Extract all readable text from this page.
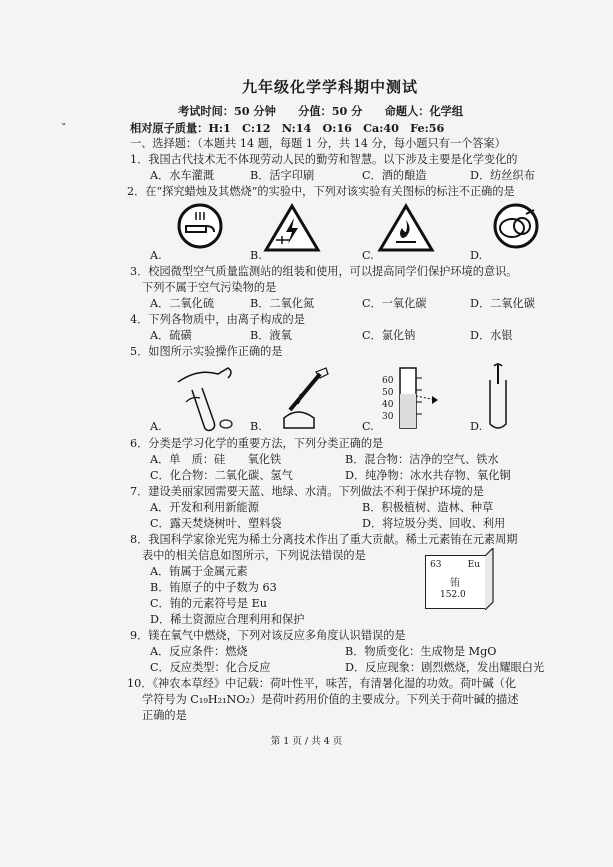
九年级化学学科期中测试
考试时间：50 分钟　　分值：50 分　　命题人：化学组
ˇ	相对原子质量：H:1　C:12　N:14　O:16　Ca:40　Fe:56
一、选择题：（本题共 14 题，每题 1 分，共 14 分，每小题只有一个答案）
1．我国古代技术无不体现劳动人民的勤劳和智慧。以下涉及主要是化学变化的
A．水车灌溉	B．活字印刷	C．酒的酿造	D．纺丝织布
2．在“探究蜡烛及其燃烧”的实验中，下列对该实验有关图标的标注不正确的是
A.	B.	C.	D.
3．校园微型空气质量监测站的组装和使用，可以提高同学们保护环境的意识。
下列不属于空气污染物的是
A．二氧化硫	B．二氧化氮	C．一氧化碳	D．二氧化碳
4．下列各物质中，由离子构成的是
A．硫磺	B．液氧	C．氯化钠	D．水银
5．如图所示实验操作正确的是
A.	B.
60
50
40
30
C.	D.
6．分类是学习化学的重要方法，下列分类正确的是
A．单　质：硅　　氧化铁	B．混合物：洁净的空气、铁水
C．化合物：二氧化碳、氢气	D．纯净物：冰水共存物、氧化铜
7．建设美丽家园需要天蓝、地绿、水清。下列做法不利于保护环境的是
A．开发和利用新能源	B．积极植树、造林、种草
C．露天焚烧树叶、塑料袋	D．将垃圾分类、回收、利用
8．我国科学家徐光宪为稀土分离技术作出了重大贡献。稀土元素铕在元素周期
表中的相关信息如图所示，下列说法错误的是
A．铕属于金属元素
B．铕原子的中子数为 63
C．铕的元素符号是 Eu
D．稀土资源应合理利用和保护
63	Eu
铕
152.0
9．镁在氧气中燃烧，下列对该反应多角度认识错误的是
A．反应条件：燃烧	B．物质变化：生成物是 MgO
C．反应类型：化合反应	D．反应现象：剧烈燃烧，发出耀眼白光
10．《神农本草经》中记载：荷叶性平，味苦，有清暑化湿的功效。荷叶碱（化
学符号为 C₁₉H₂₁NO₂）是荷叶药用价值的主要成分。下列关于荷叶碱的描述
正确的是
第 1 页 / 共 4 页
